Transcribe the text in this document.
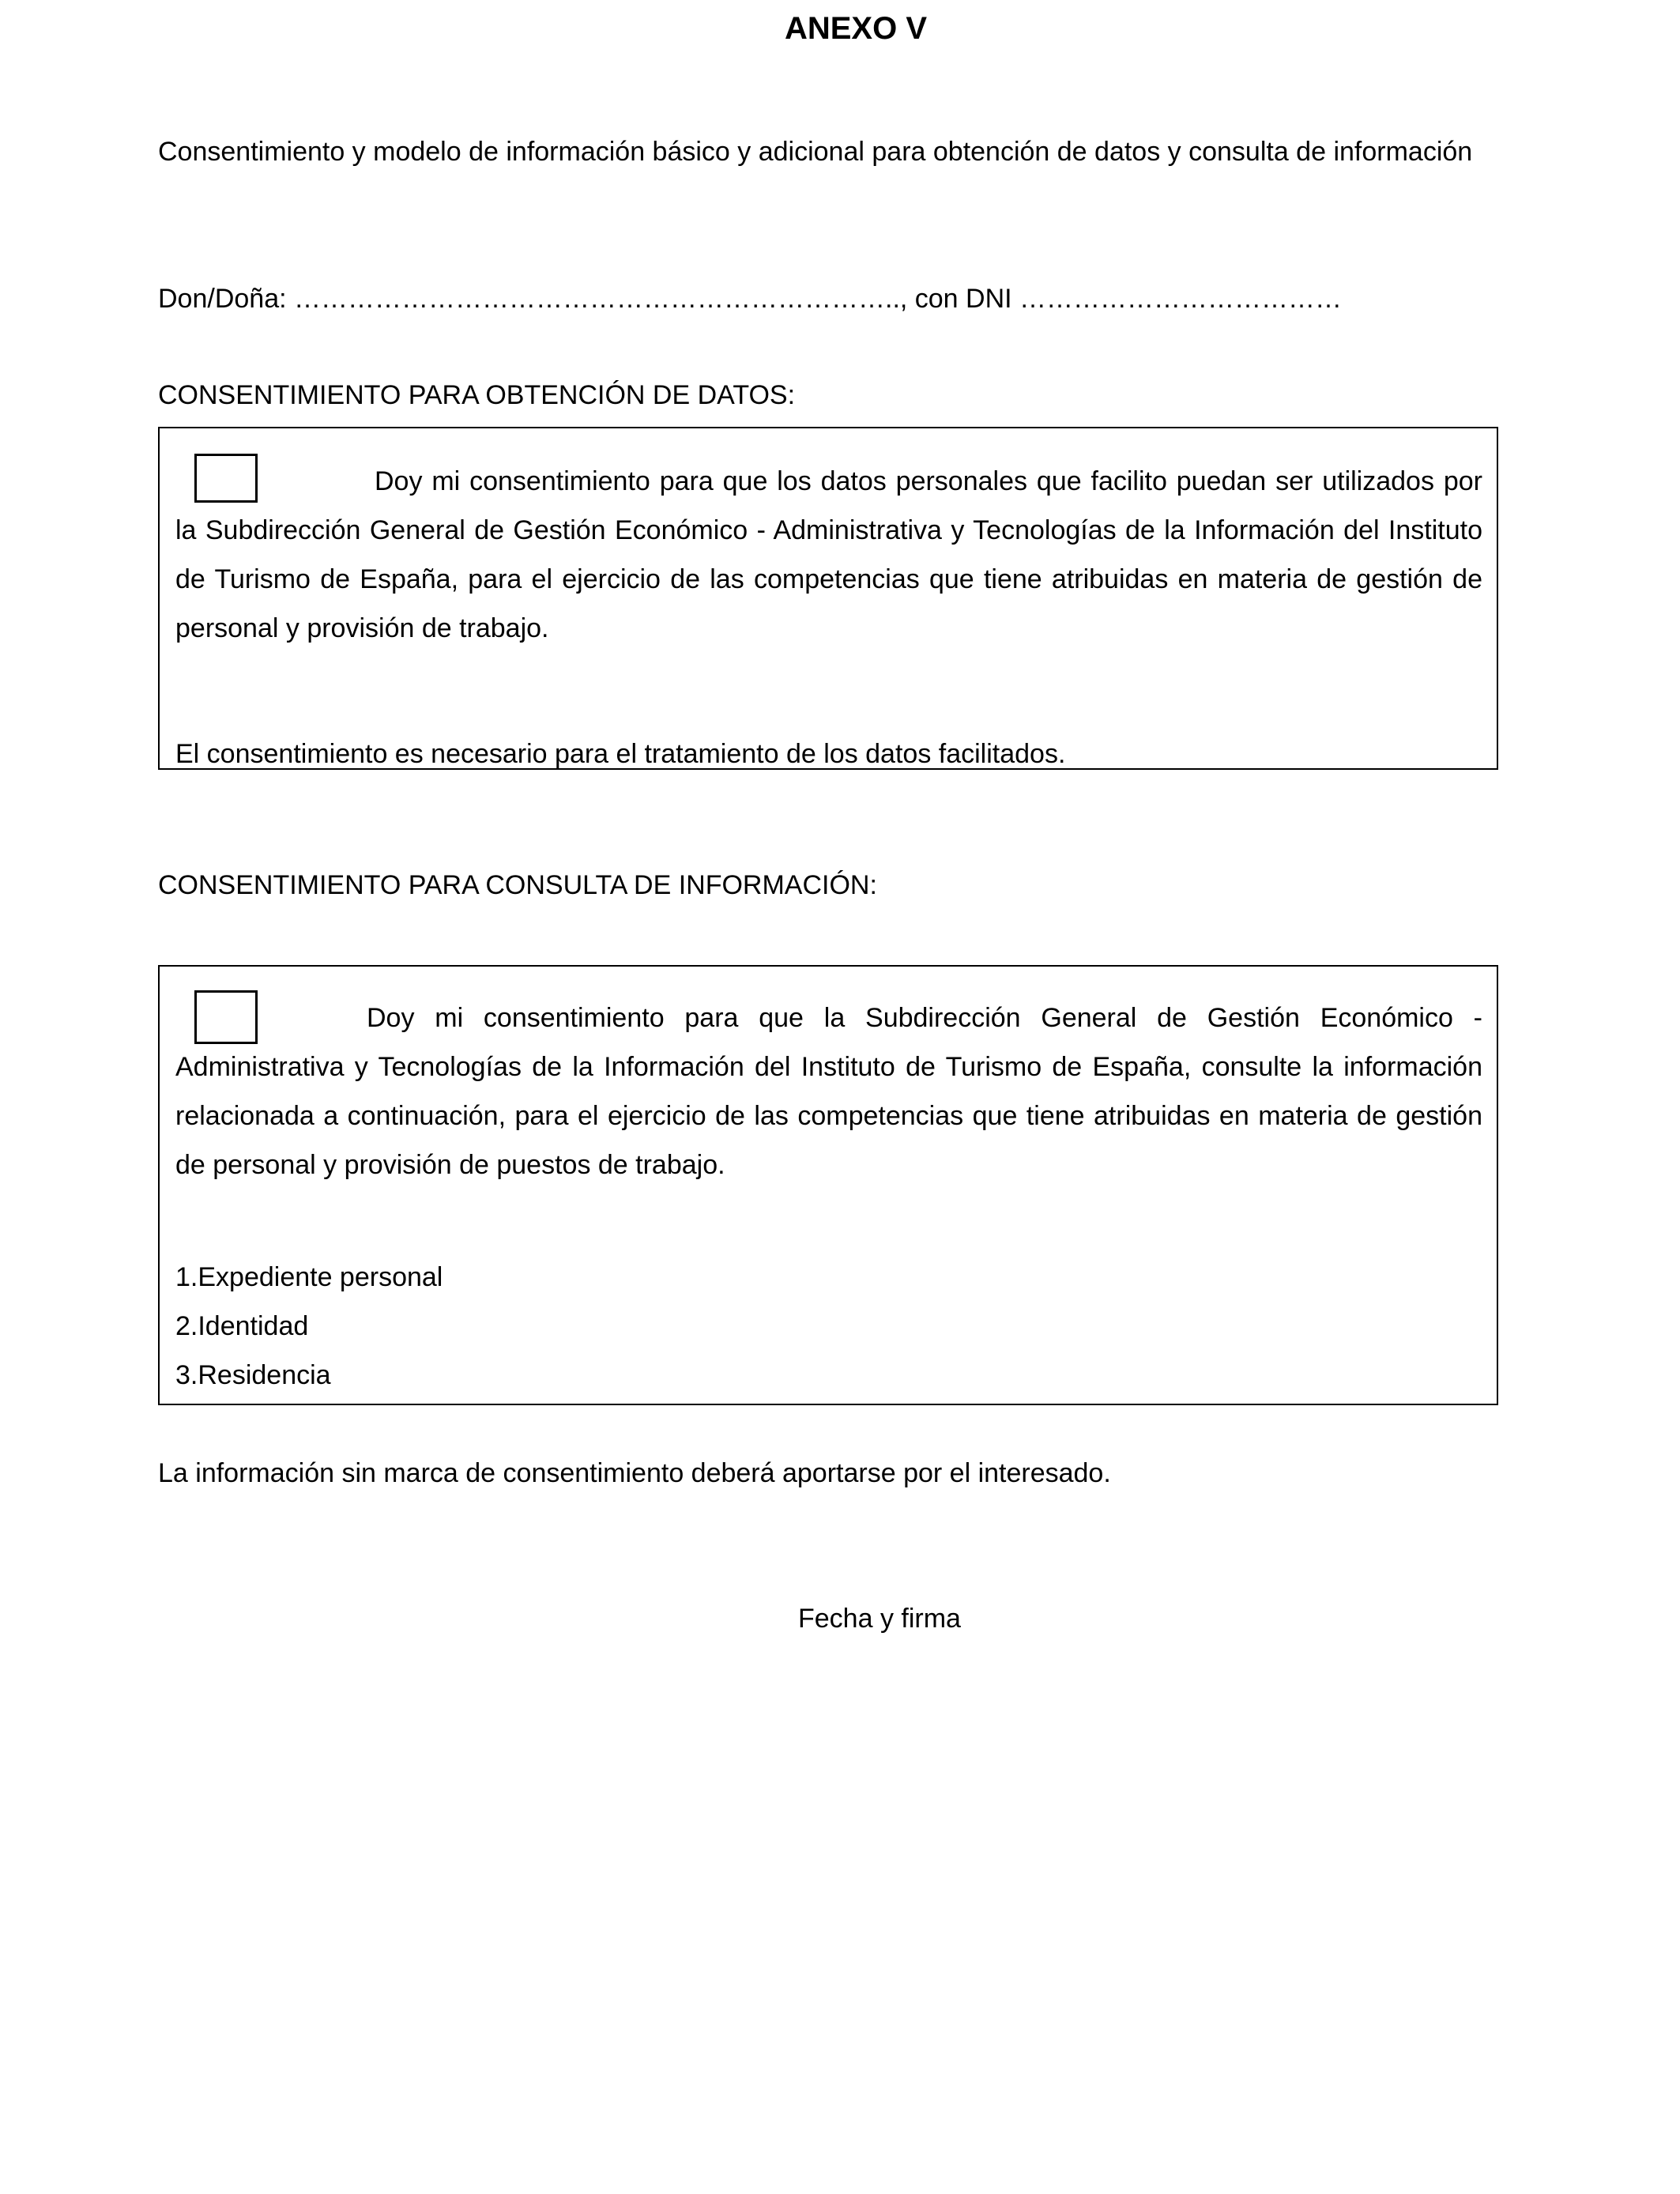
ANEXO V
Consentimiento y modelo de información básico y adicional para obtención de datos y consulta de información
Don/Doña: ………………………………………………………….., con DNI ………………………………
CONSENTIMIENTO PARA OBTENCIÓN DE DATOS:
Doy mi consentimiento para que los datos personales que facilito puedan ser utilizados por la Subdirección General de Gestión Económico - Administrativa y Tecnologías de la Información del Instituto de Turismo de España, para el ejercicio de las competencias que tiene atribuidas en materia de gestión de personal y provisión de trabajo.
El consentimiento es necesario para el tratamiento de los datos facilitados.
CONSENTIMIENTO PARA CONSULTA DE INFORMACIÓN:
Doy mi consentimiento para que la Subdirección General de Gestión Económico - Administrativa y Tecnologías de la Información del Instituto de Turismo de España, consulte la información relacionada a continuación, para el ejercicio de las competencias que tiene atribuidas en materia de gestión de personal y provisión de puestos de trabajo.
1.Expediente personal
2.Identidad
3.Residencia
La información sin marca de consentimiento deberá aportarse por el interesado.
Fecha y firma
